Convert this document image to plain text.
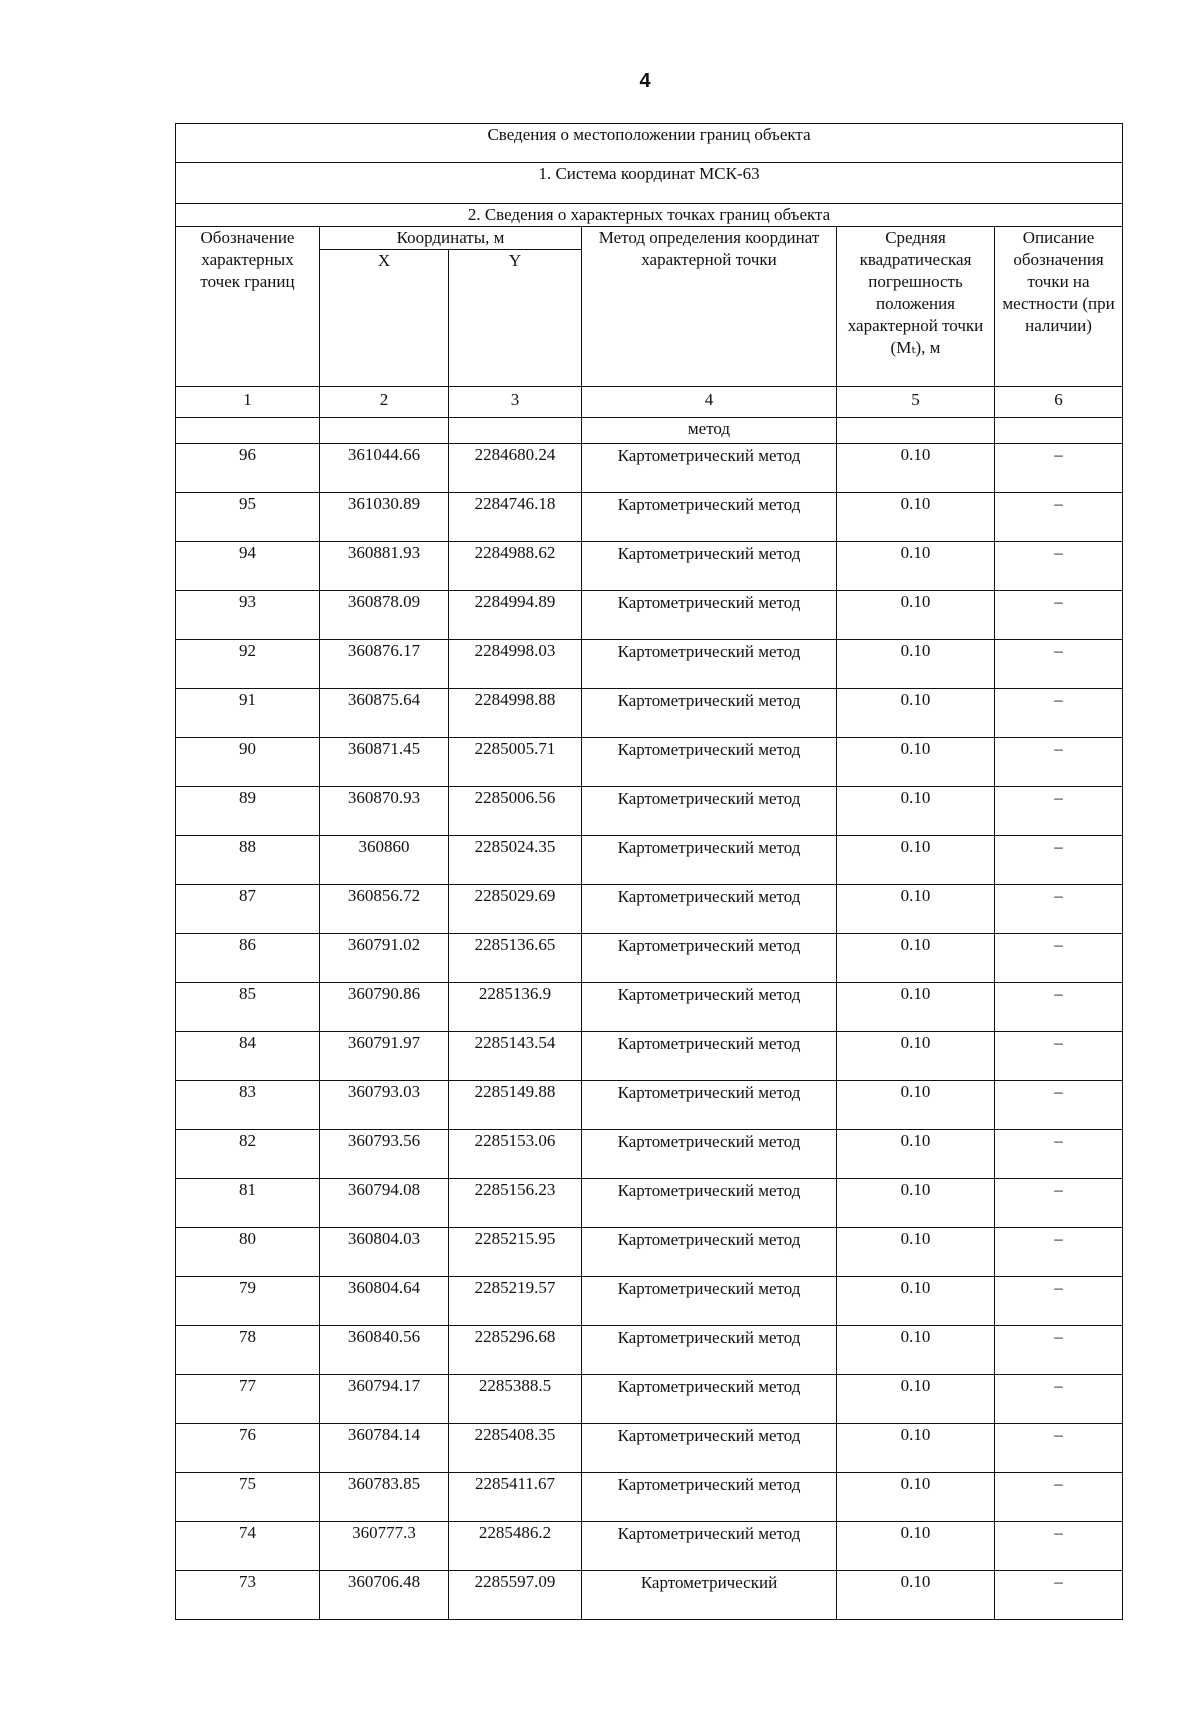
4
Сведения о местоположении границ объекта					
1. Система координат МСК-63					
2. Сведения о характерных точках границ объекта					
Обозначение характерных точек границ	Координаты, м		Метод определения координат характерной точки	Средняя квадратическая погрешность положения характерной точки (Mₜ), м	Описание обозначения точки на местности (при наличии)
	X	Y			
1	2	3	4	5	6
			метод		
96	361044.66	2284680.24	Картометрический метод	0.10	–
95	361030.89	2284746.18	Картометрический метод	0.10	–
94	360881.93	2284988.62	Картометрический метод	0.10	–
93	360878.09	2284994.89	Картометрический метод	0.10	–
92	360876.17	2284998.03	Картометрический метод	0.10	–
91	360875.64	2284998.88	Картометрический метод	0.10	–
90	360871.45	2285005.71	Картометрический метод	0.10	–
89	360870.93	2285006.56	Картометрический метод	0.10	–
88	360860	2285024.35	Картометрический метод	0.10	–
87	360856.72	2285029.69	Картометрический метод	0.10	–
86	360791.02	2285136.65	Картометрический метод	0.10	–
85	360790.86	2285136.9	Картометрический метод	0.10	–
84	360791.97	2285143.54	Картометрический метод	0.10	–
83	360793.03	2285149.88	Картометрический метод	0.10	–
82	360793.56	2285153.06	Картометрический метод	0.10	–
81	360794.08	2285156.23	Картометрический метод	0.10	–
80	360804.03	2285215.95	Картометрический метод	0.10	–
79	360804.64	2285219.57	Картометрический метод	0.10	–
78	360840.56	2285296.68	Картометрический метод	0.10	–
77	360794.17	2285388.5	Картометрический метод	0.10	–
76	360784.14	2285408.35	Картометрический метод	0.10	–
75	360783.85	2285411.67	Картометрический метод	0.10	–
74	360777.3	2285486.2	Картометрический метод	0.10	–
73	360706.48	2285597.09	Картометрический	0.10	–
